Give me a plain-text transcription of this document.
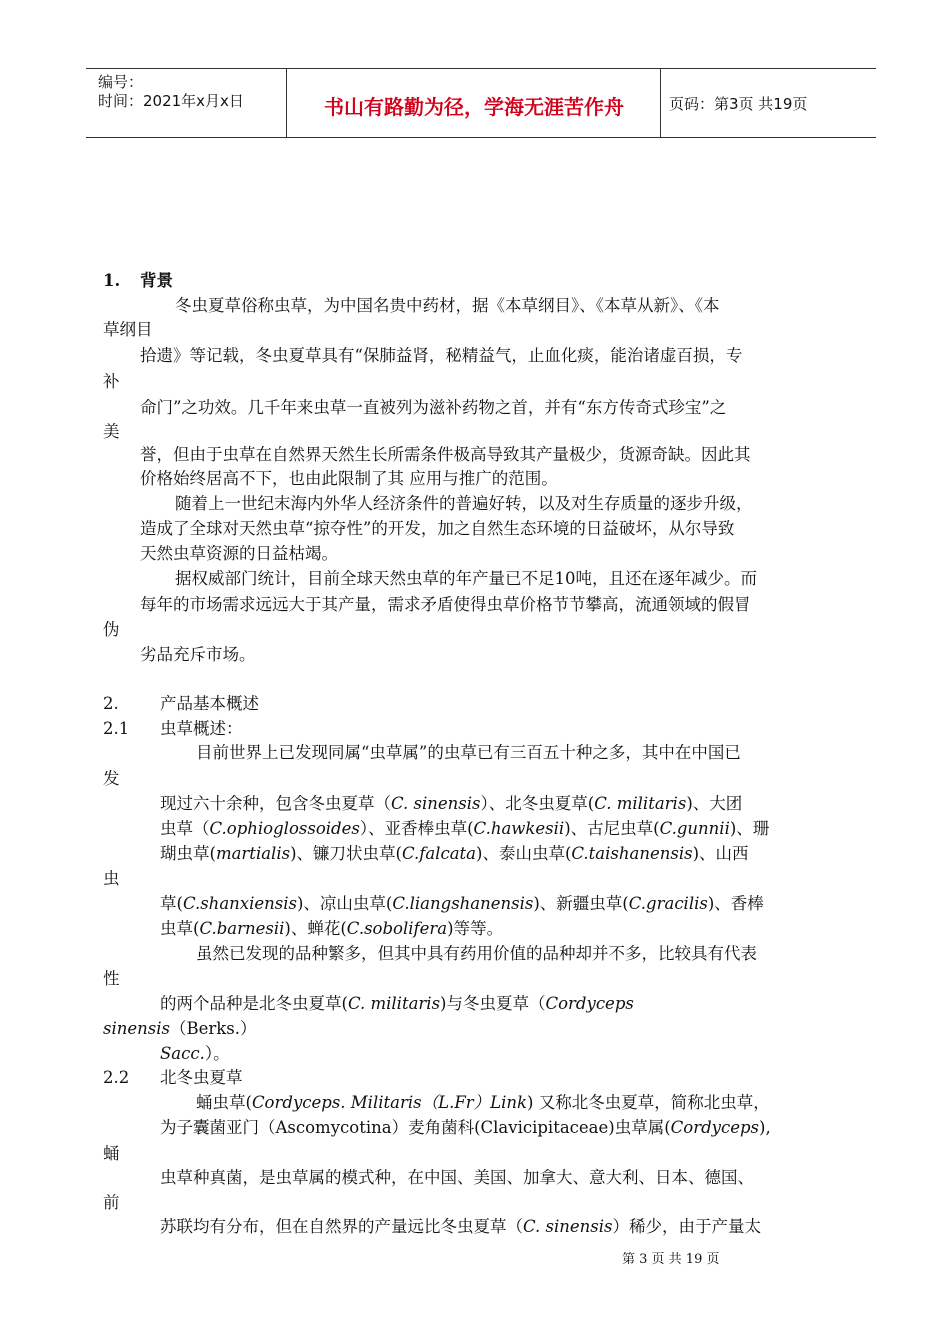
编号：
时间：2021年x月x日	书山有路勤为径，学海无涯苦作舟	页码：第3页 共19页
1. 背景
冬虫夏草俗称虫草，为中国名贵中药材，据《本草纲目》、《本草从新》、《本
草纲目
拾遗》等记载，冬虫夏草具有“保肺益肾，秘精益气，止血化痰，能治诸虚百损，专
补
命门”之功效。几千年来虫草一直被列为滋补药物之首，并有“东方传奇式珍宝”之
美
誉，但由于虫草在自然界天然生长所需条件极高导致其产量极少，货源奇缺。因此其
价格始终居高不下，也由此限制了其 应用与推广的范围。
随着上一世纪末海内外华人经济条件的普遍好转，以及对生存质量的逐步升级，
造成了全球对天然虫草“掠夺性”的开发，加之自然生态环境的日益破坏，从尔导致
天然虫草资源的日益枯竭。
据权威部门统计，目前全球天然虫草的年产量已不足10吨，且还在逐年减少。而
每年的市场需求远远大于其产量，需求矛盾使得虫草价格节节攀高，流通领域的假冒
伪
劣品充斥市场。
2.	产品基本概述
2.1 虫草概述：
目前世界上已发现同属“虫草属”的虫草已有三百五十种之多，其中在中国已
发
现过六十余种，包含冬虫夏草（C. sinensis）、北冬虫夏草(C. militaris)、大团
虫草（C.ophioglossoides）、亚香棒虫草(C.hawkesii)、古尼虫草(C.gunnii)、珊
瑚虫草(martialis)、镰刀状虫草(C.falcata)、泰山虫草(C.taishanensis)、山西
虫
草(C.shanxiensis)、凉山虫草(C.liangshanensis)、新疆虫草(C.gracilis)、香棒
虫草(C.barnesii)、蝉花(C.sobolifera)等等。
虽然已发现的品种繁多，但其中具有药用价值的品种却并不多，比较具有代表
性
的两个品种是北冬虫夏草(C. militaris)与冬虫夏草（Cordyceps
sinensis（Berks.）
Sacc.）。
2.2 北冬虫夏草
蛹虫草(Cordyceps. Militaris（L.Fr）Link) 又称北冬虫夏草，简称北虫草，
为子囊菌亚门（Ascomycotina）麦角菌科(Clavicipitaceae)虫草属(Cordyceps),
蛹
虫草种真菌，是虫草属的模式种，在中国、美国、加拿大、意大利、日本、德国、
前
苏联均有分布，但在自然界的产量远比冬虫夏草（C. sinensis）稀少，由于产量太
第 3 页 共 19 页
